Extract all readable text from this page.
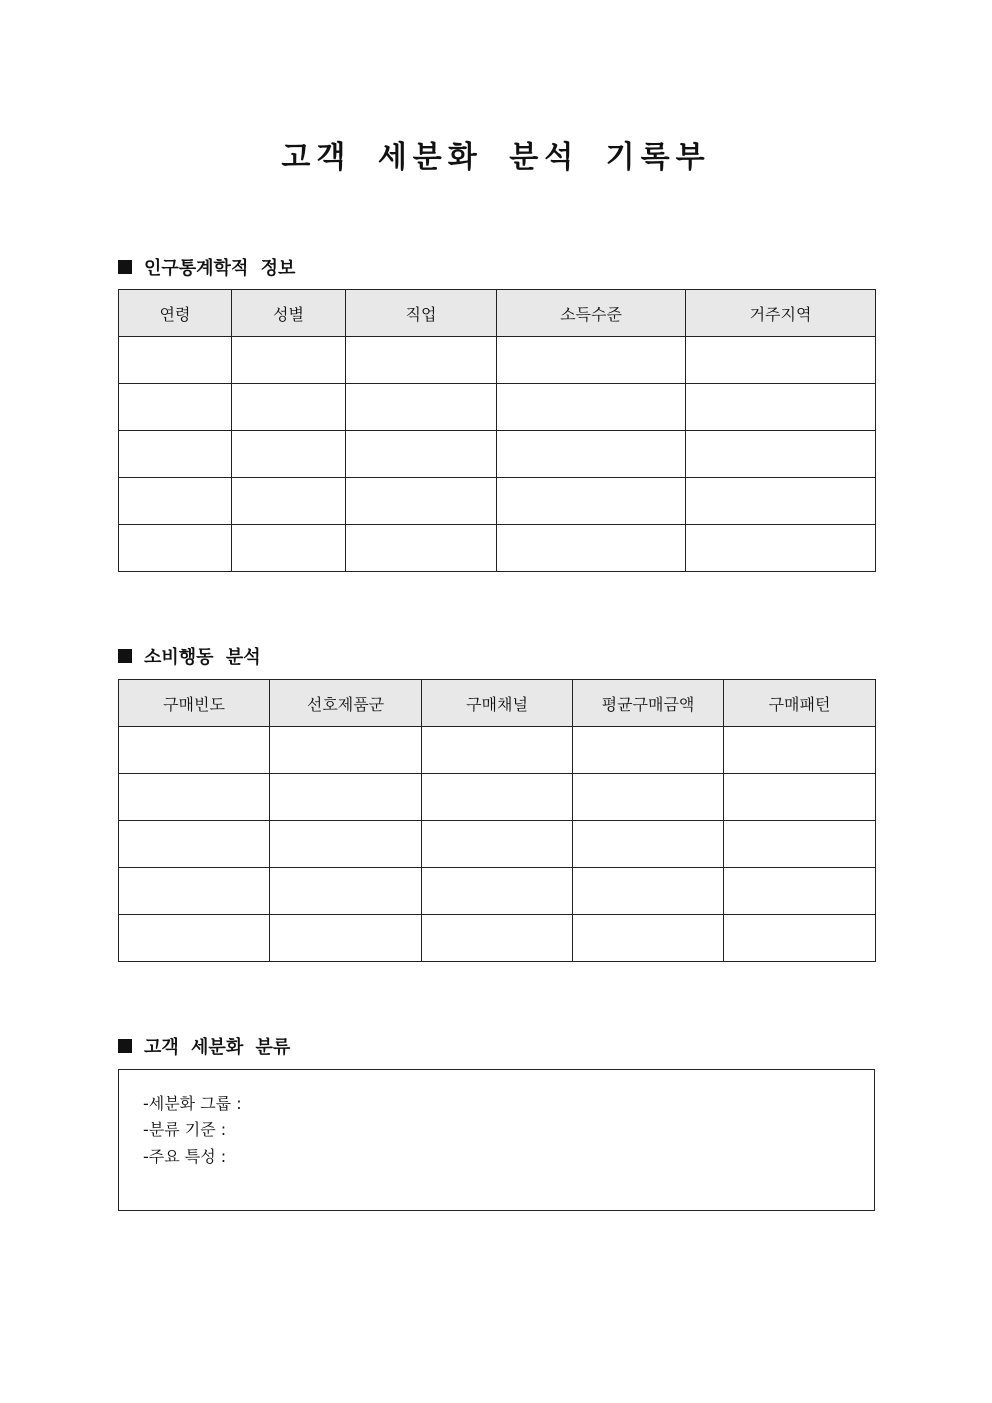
고객 세분화 분석 기록부
인구통계학적 정보
연령	성별	직업	소득수준	거주지역

소비행동 분석
구매빈도	선호제품군	구매채널	평균구매금액	구매패턴

고객 세분화 분류
-세분화 그룹 :
-분류 기준 :
-주요 특성 :
